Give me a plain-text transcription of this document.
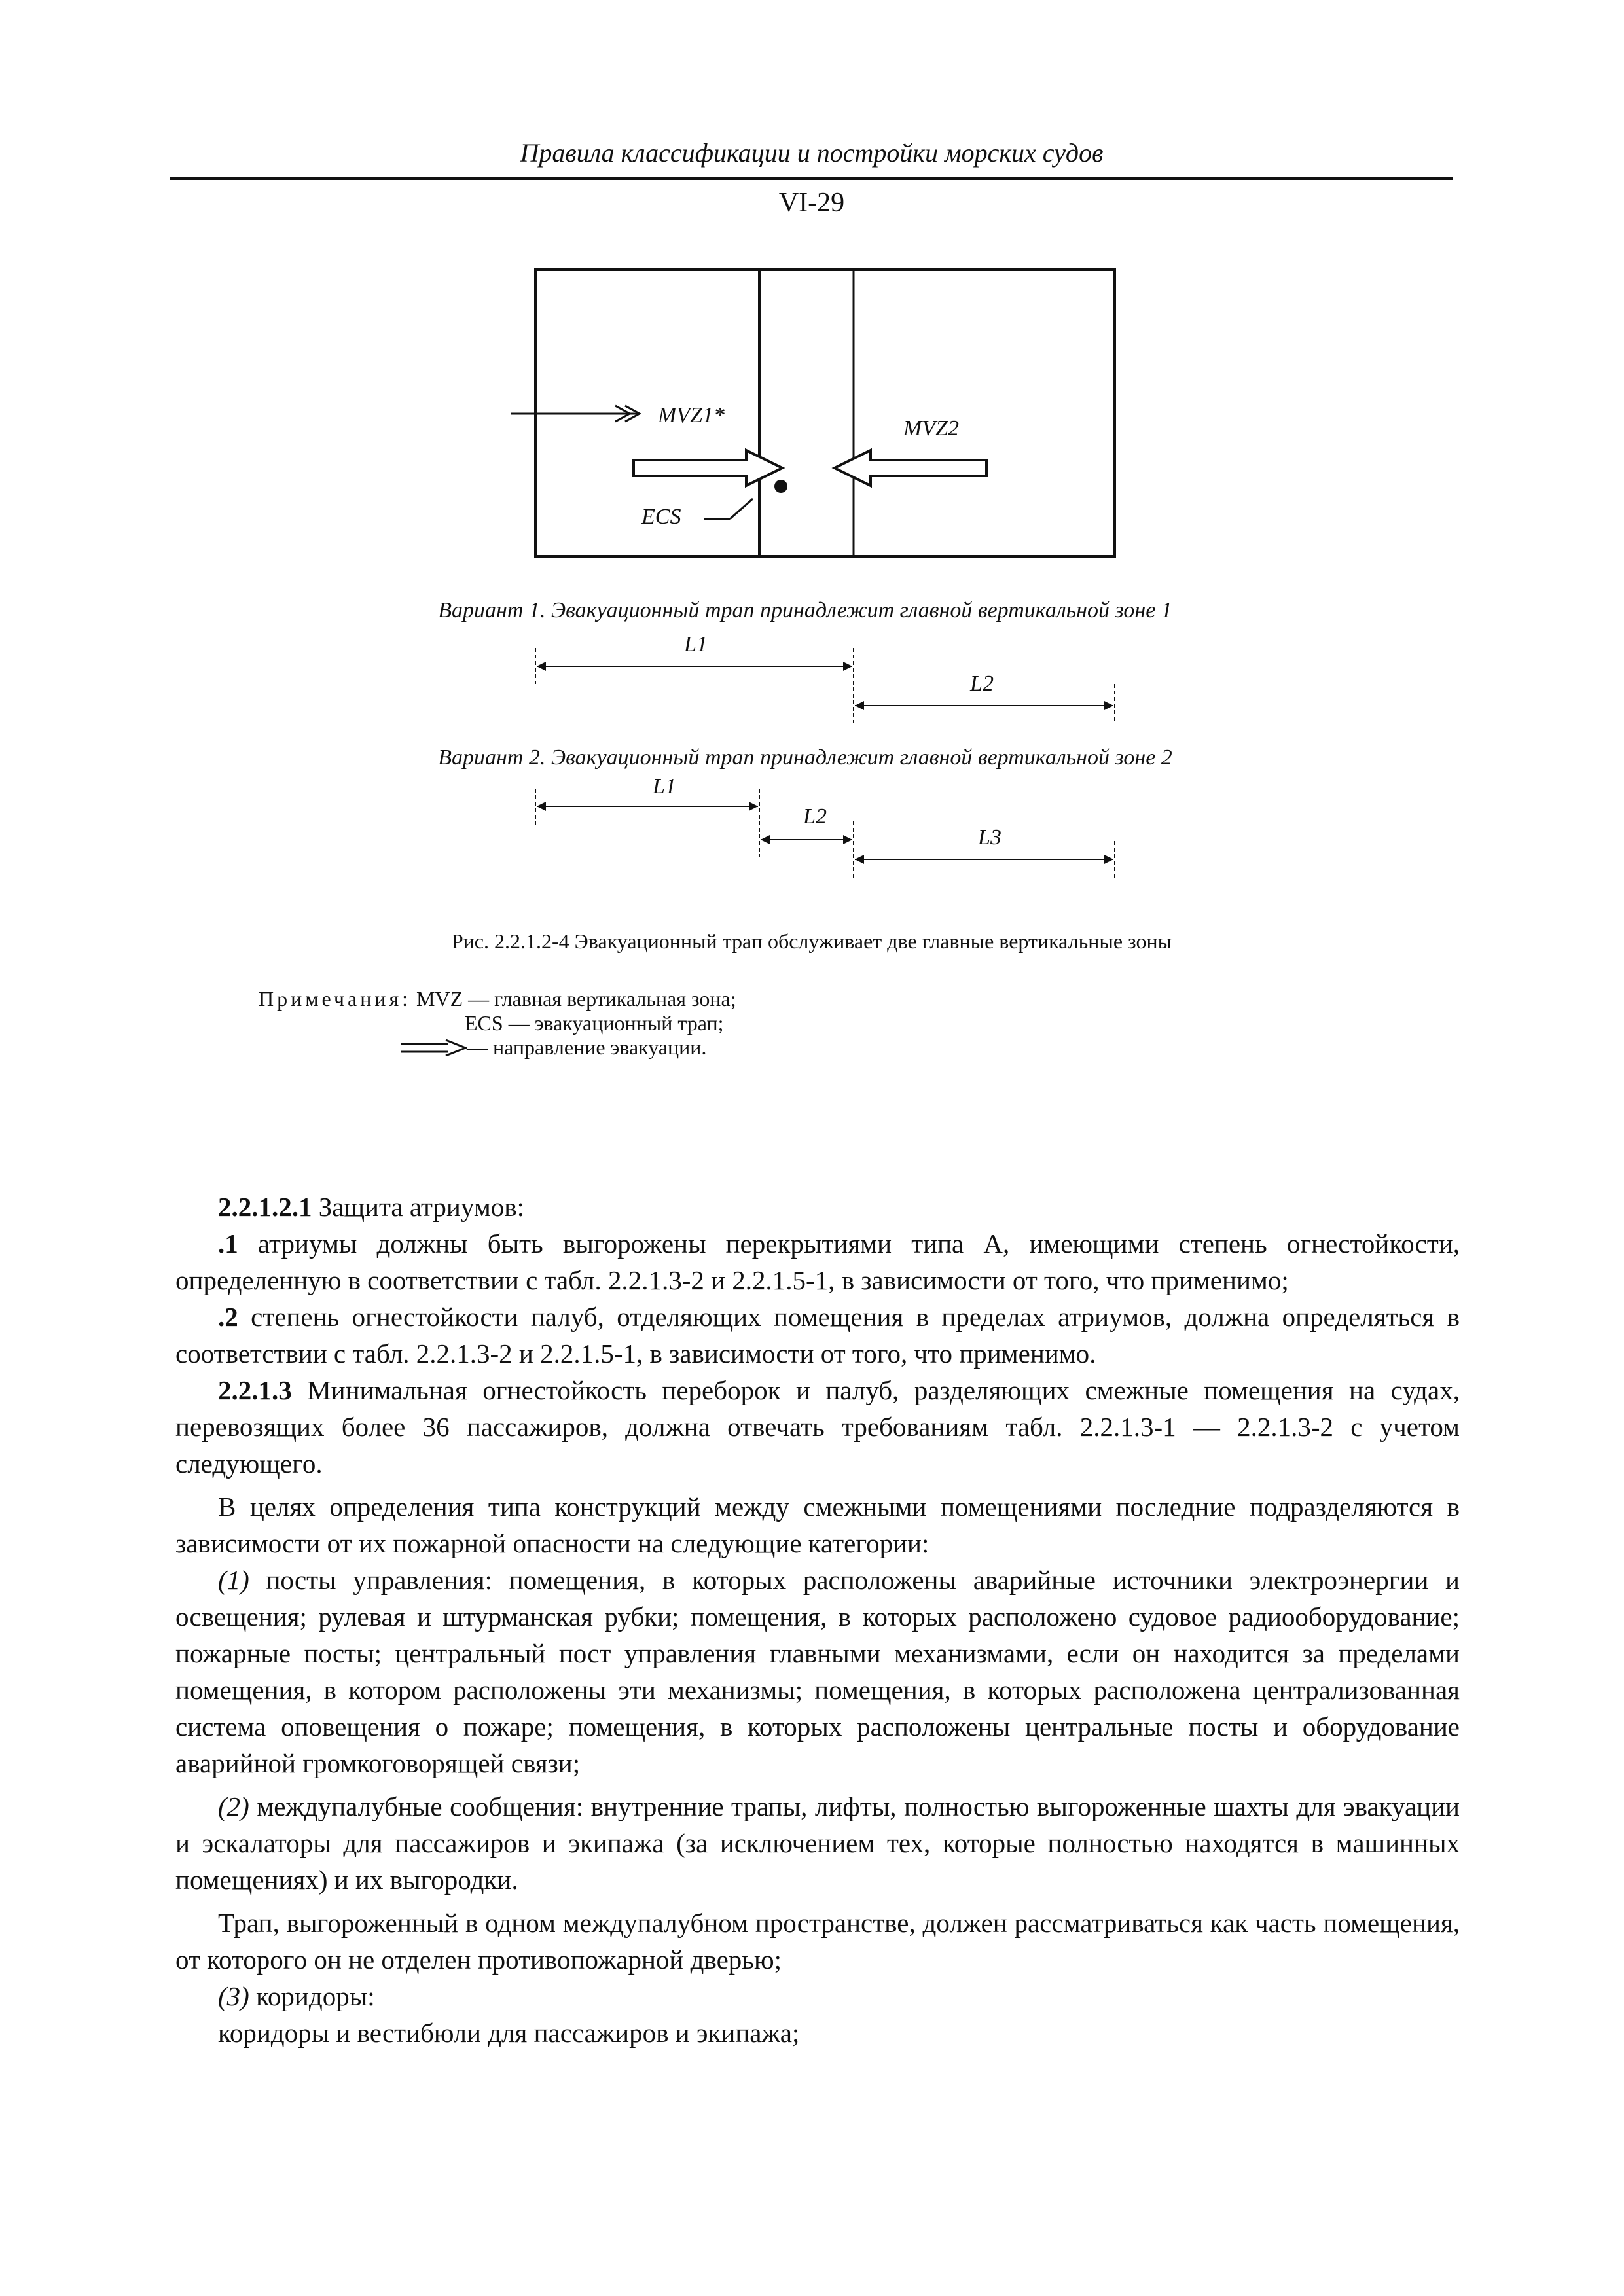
Правила классификации и постройки морских судов
VI-29
MVZ1*
MVZ2
ECS
Вариант 1. Эвакуационный трап принадлежит главной вертикальной зоне 1
L1
L2
Вариант 2. Эвакуационный трап принадлежит главной вертикальной зоне 2
L1
L2
L3
Рис. 2.2.1.2-4 Эвакуационный трап обслуживает две главные вертикальные зоны
Примечания: MVZ — главная вертикальная зона;
ECS — эвакуационный трап;
— направление эвакуации.

2.2.1.2.1 Защита атриумов:

.1 атриумы должны быть выгорожены перекрытиями типа А, имеющими степень огнестойкости, определенную в соответствии с табл. 2.2.1.3-2 и 2.2.1.5-1, в зависимости от того, что применимо;

.2 степень огнестойкости палуб, отделяющих помещения в пределах атриумов, должна определяться в соответствии с табл. 2.2.1.3-2 и 2.2.1.5-1, в зависимости от того, что применимо.

2.2.1.3 Минимальная огнестойкость переборок и палуб, разделяющих смежные помещения на судах, перевозящих более 36 пассажиров, должна отвечать требованиям табл. 2.2.1.3-1 — 2.2.1.3-2 с учетом следующего.

В целях определения типа конструкций между смежными помещениями последние подразделяются в зависимости от их пожарной опасности на следующие категории:

(1) посты управления: помещения, в которых расположены аварийные источники электроэнергии и освещения; рулевая и штурманская рубки; помещения, в которых расположено судовое радиооборудование; пожарные посты; центральный пост управления главными механизмами, если он находится за пределами помещения, в котором расположены эти механизмы; помещения, в которых расположена централизованная система оповещения о пожаре; помещения, в которых расположены центральные посты и оборудование аварийной громкоговорящей связи;

(2) междупалубные сообщения: внутренние трапы, лифты, полностью выгороженные шахты для эвакуации и эскалаторы для пассажиров и экипажа (за исключением тех, которые полностью находятся в машинных помещениях) и их выгородки.

Трап, выгороженный в одном междупалубном пространстве, должен рассматриваться как часть помещения, от которого он не отделен противопожарной дверью;

(3) коридоры:

коридоры и вестибюли для пассажиров и экипажа;
